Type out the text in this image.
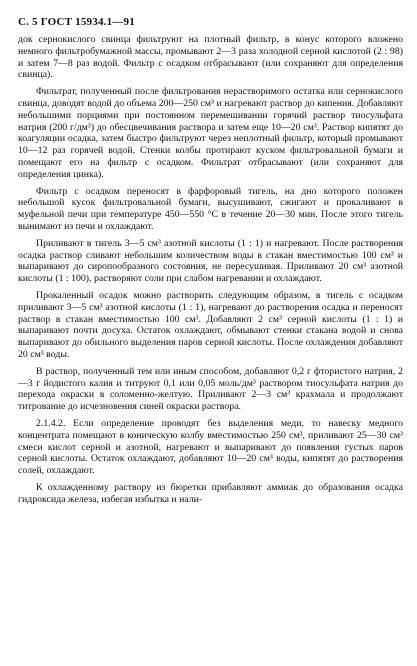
С. 5 ГОСТ 15934.1—91

док сернокислого свинца фильтруют на плотный фильтр, в конус которого вложено немного фильтробумажной массы, промывают 2—3 раза холодной серной кислотой (2 : 98) и затем 7—8 раз водой. Фильтр с осадком отбрасывают (или сохраняют для определения свинца).

Фильтрат, полученный после фильтрования нерастворимого остатка или сернокислого свинца, доводят водой до объема 200—250 см³ и нагревают раствор до кипения. Добавляют небольшими порциями при постоянном перемешивании горячий раствор тиосульфата натрия (200 г/дм³) до обесцвечивания раствора и затем еще 10—20 см³. Раствор кипятят до коагуляции осадка, затем быстро фильтруют через неплотный фильтр, который промывают 10—12 раз горячей водой. Стенки колбы протирают куском фильтровальной бумаги и помещают его на фильтр с осадком. Фильтрат отбрасывают (или сохраняют для определения цинка).

Фильтр с осадком переносят в фарфоровый тигель, на дно которого положен небольшой кусок фильтровальной бумаги, высушивают, сжигают и прокаливают в муфельной печи при температуре 450—550 °С в течение 20—30 мин. После этого тигель вынимают из печи и охлаждают.

Приливают в тигель 3—5 см³ азотной кислоты (1 : 1) и нагревают. После растворения осадка раствор сливают небольшим количеством воды в стакан вместимостью 100 см³ и выпаривают до сиропообразного состояния, не пересушивая. Приливают 20 см³ азотной кислоты (1 : 100), растворяют соли при слабом нагревании и охлаждают.

Прокаленный осадок можно растворить следующим образом, в тигель с осадком приливают 3—5 см³ азотной кислоты (1 : 1), нагревают до растворения осадка и переносят раствор в стакан вместимостью 100 см³. Добавляют 2 см³ серной кислоты (1 : 1) и выпаривают почти досуха. Остаток охлаждают, обмывают стенки стакана водой и снова выпаривают до обильного выделения паров серной кислоты. После охлаждения добавляют 20 см³ воды.

В раствор, полученный тем или иным способом, добавляют 0,2 г фтористого натрия, 2—3 г йодистого калия и титруют 0,1 или 0,05 моль/дм³ раствором тиосульфата натрия до перехода окраски в соломенно-желтую. Приливают 2—3 см³ крахмала и продолжают титрование до исчезновения синей окраски раствора.

2.1.4.2. Если определение проводят без выделения меди, то навеску медного концентрата помещают в коническую колбу вместимостью 250 см³, приливают 25—30 см³ смеси кислот серной и азотной, нагревают и выпаривают до появления густых паров серной кислоты. Остаток охлаждают, добавляют 10—20 см³ воды, кипятят до растворения солей, охлаждают.

К охлажденному раствору из бюретки прибавляют аммиак до образования осадка гидроксида железа, избегая избытка и нали-
